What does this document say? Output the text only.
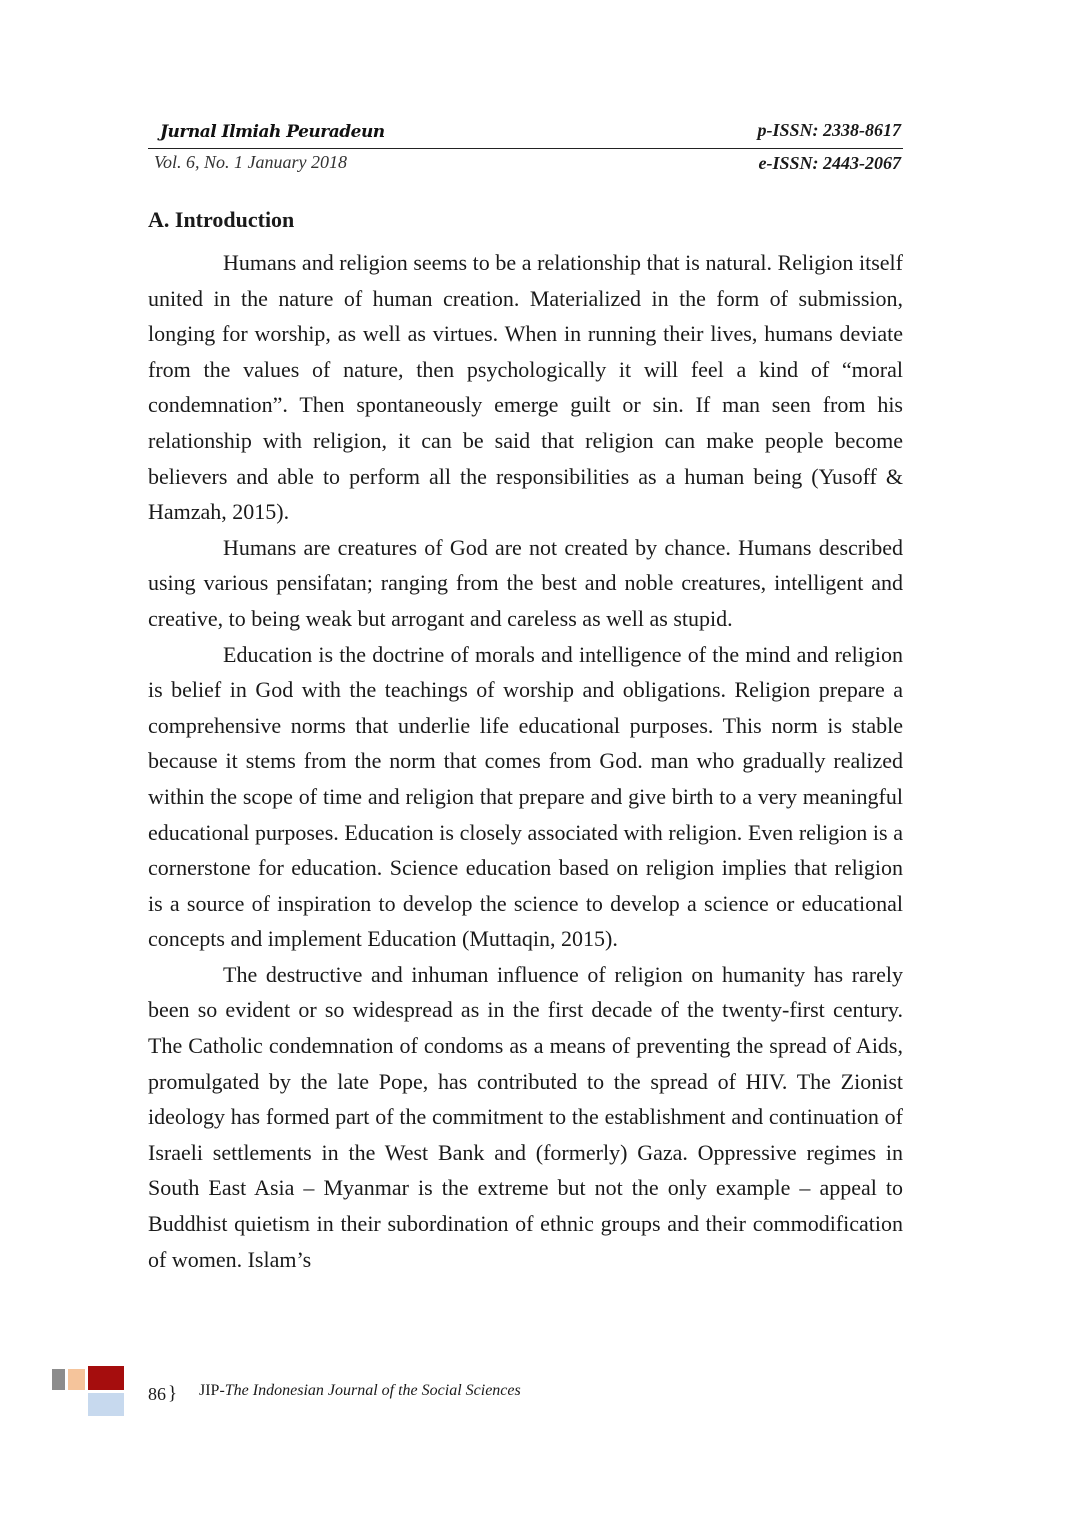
Jurnal Ilmiah Peuradeun	p-ISSN: 2338-8617
Vol. 6, No. 1 January 2018	e-ISSN: 2443-2067
A. Introduction

Humans and religion seems to be a relationship that is natural. Religion itself united in the nature of human creation. Materialized in the form of submission, longing for worship, as well as virtues. When in running their lives, humans deviate from the values of nature, then psychologically it will feel a kind of “moral condemnation”. Then spontaneously emerge guilt or sin. If man seen from his relationship with religion, it can be said that religion can make people become believers and able to perform all the responsibilities as a human being (Yusoff & Hamzah, 2015).

Humans are creatures of God are not created by chance. Humans described using various pensifatan; ranging from the best and noble creatures, intelligent and creative, to being weak but arrogant and careless as well as stupid.

Education is the doctrine of morals and intelligence of the mind and religion is belief in God with the teachings of worship and obligations. Religion prepare a comprehensive norms that underlie life educational purposes. This norm is stable because it stems from the norm that comes from God. man who gradually realized within the scope of time and religion that prepare and give birth to a very meaningful educational purposes. Education is closely associated with religion. Even religion is a cornerstone for education. Science education based on religion implies that religion is a source of inspiration to develop the science to develop a science or educational concepts and implement Education (Muttaqin, 2015).

The destructive and inhuman influence of religion on humanity has rarely been so evident or so widespread as in the first decade of the twenty-first century. The Catholic condemnation of condoms as a means of preventing the spread of Aids, promulgated by the late Pope, has contributed to the spread of HIV. The Zionist ideology has formed part of the commitment to the establishment and continuation of Israeli settlements in the West Bank and (formerly) Gaza. Oppressive regimes in South East Asia – Myanmar is the extreme but not the only example – appeal to Buddhist quietism in their subordination of ethnic groups and their commodification of women. Islam’s

86 } JIP-The Indonesian Journal of the Social Sciences
